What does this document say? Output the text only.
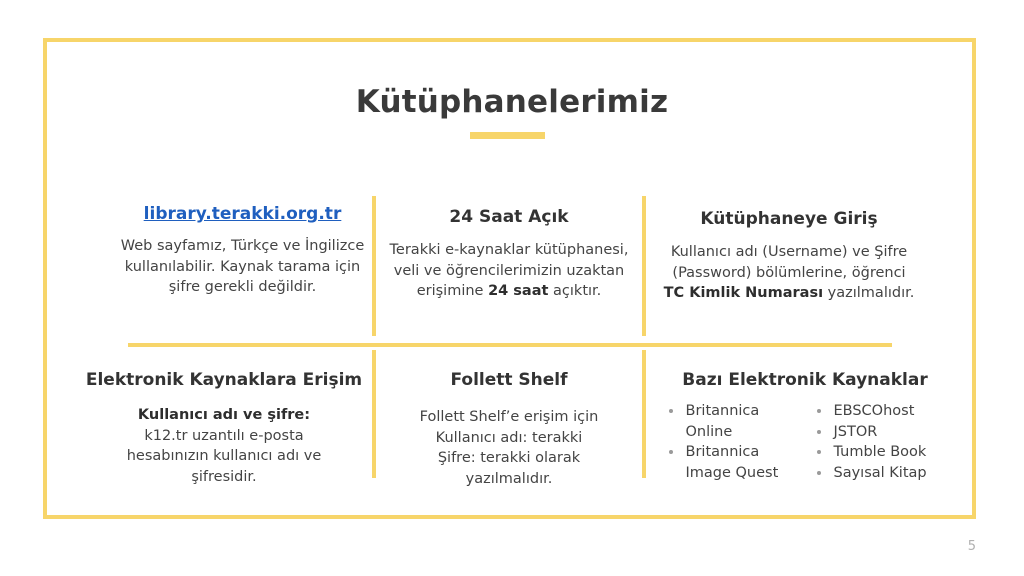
Kütüphanelerimiz
library.terakki.org.tr
Web sayfamız, Türkçe ve İngilizce kullanılabilir. Kaynak tarama için şifre gerekli değildir.
24 Saat Açık
Terakki e-kaynaklar kütüphanesi, veli ve öğrencilerimizin uzaktan erişimine 24 saat açıktır.
Kütüphaneye Giriş
Kullanıcı adı (Username) ve Şifre (Password) bölümlerine, öğrenci TC Kimlik Numarası yazılmalıdır.
Elektronik Kaynaklara Erişim
Kullanıcı adı ve şifre:
k12.tr uzantılı e-posta hesabınızın kullanıcı adı ve şifresidir.
Follett Shelf
Follett Shelf’e erişim için
Kullanıcı adı: terakki
Şifre: terakki olarak
yazılmalıdır.
Bazı Elektronik Kaynaklar
• Britannica Online
• Britannica Image Quest
• EBSCOhost
• JSTOR
• Tumble Book
• Sayısal Kitap
5
